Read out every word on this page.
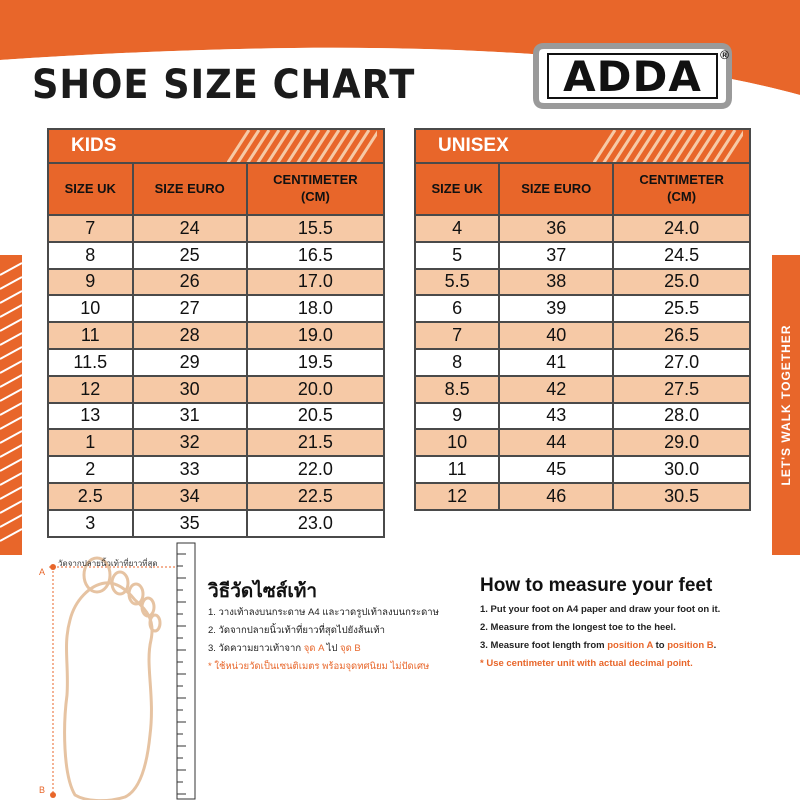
LET'S WALK TOGETHER
SHOE SIZE CHART	ADDA	®
KIDS		
SIZE UK	SIZE EURO	CENTIMETER
(CM)
7	24	15.5
8	25	16.5
9	26	17.0
10	27	18.0
11	28	19.0
11.5	29	19.5
12	30	20.0
13	31	20.5
1	32	21.5
2	33	22.0
2.5	34	22.5
3	35	23.0
UNISEX		
SIZE UK	SIZE EURO	CENTIMETER
(CM)
4	36	24.0
5	37	24.5
5.5	38	25.0
6	39	25.5
7	40	26.5
8	41	27.0
8.5	42	27.5
9	43	28.0
10	44	29.0
11	45	30.0
12	46	30.5
A
B
วัดจากปลายนิ้วเท้าที่ยาวที่สุด
วิธีวัดไซส์เท้า
1. วางเท้าลงบนกระดาษ A4 และวาดรูปเท้าลงบนกระดาษ
2. วัดจากปลายนิ้วเท้าที่ยาวที่สุดไปยังส้นเท้า
3. วัดความยาวเท้าจาก จุด A ไป จุด B
* ใช้หน่วยวัดเป็นเซนติเมตร พร้อมจุดทศนิยม ไม่ปัดเศษ
How to measure your feet
1. Put your foot on A4 paper and draw your foot on it.
2. Measure from the longest toe to the heel.
3. Measure foot length from position A to position B.
* Use centimeter unit with actual decimal point.
